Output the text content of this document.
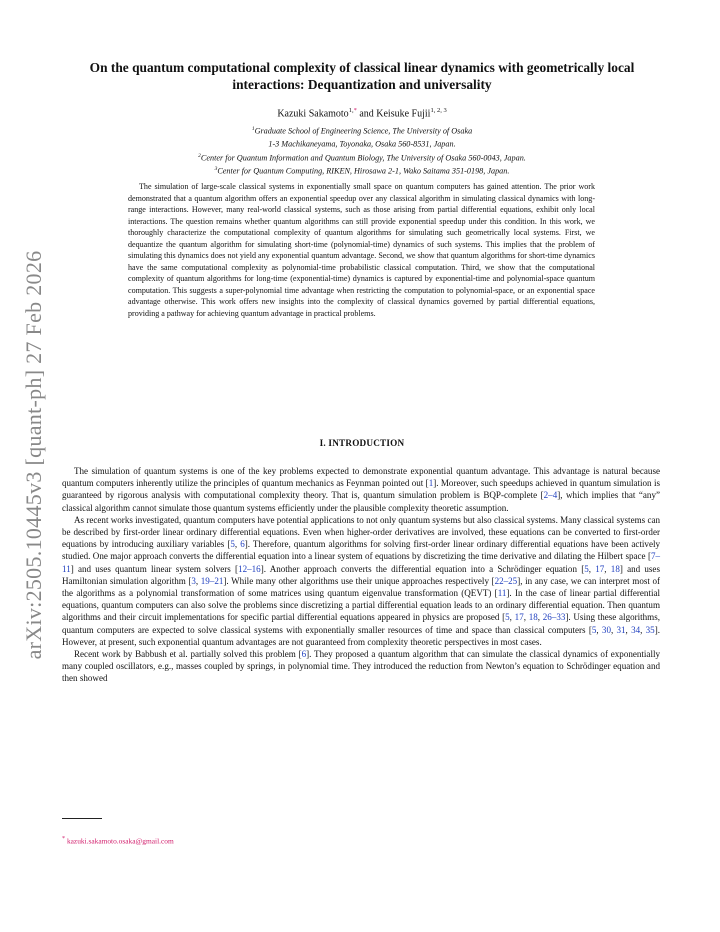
arXiv:2505.10445v3 [quant-ph] 27 Feb 2026
On the quantum computational complexity of classical linear dynamics with geometrically local interactions: Dequantization and universality
Kazuki Sakamoto$^{1,*}$ and Keisuke Fujii$^{1, 2, 3}$
$^1$Graduate School of Engineering Science, The University of Osaka
1-3 Machikaneyama, Toyonaka, Osaka 560-8531, Japan.
$^2$Center for Quantum Information and Quantum Biology, The University of Osaka 560-0043, Japan.
$^3$Center for Quantum Computing, RIKEN, Hirosawa 2-1, Wako Saitama 351-0198, Japan.
The simulation of large-scale classical systems in exponentially small space on quantum computers has gained attention. The prior work demonstrated that a quantum algorithm offers an exponential speedup over any classical algorithm in simulating classical dynamics with long-range interactions. However, many real-world classical systems, such as those arising from partial differential equations, exhibit only local interactions. The question remains whether quantum algorithms can still provide exponential speedup under this condition. In this work, we thoroughly characterize the computational complexity of quantum algorithms for simulating such geometrically local systems. First, we dequantize the quantum algorithm for simulating short-time (polynomial-time) dynamics of such systems. This implies that the problem of simulating this dynamics does not yield any exponential quantum advantage. Second, we show that quantum algorithms for short-time dynamics have the same computational complexity as polynomial-time probabilistic classical computation. Third, we show that the computational complexity of quantum algorithms for long-time (exponential-time) dynamics is captured by exponential-time and polynomial-space quantum computation. This suggests a super-polynomial time advantage when restricting the computation to polynomial-space, or an exponential space advantage otherwise. This work offers new insights into the complexity of classical dynamics governed by partial differential equations, providing a pathway for achieving quantum advantage in practical problems.
I. INTRODUCTION

The simulation of quantum systems is one of the key problems expected to demonstrate exponential quantum advantage. This advantage is natural because quantum computers inherently utilize the principles of quantum mechanics as Feynman pointed out [1]. Moreover, such speedups achieved in quantum simulation is guaranteed by rigorous analysis with computational complexity theory. That is, quantum simulation problem is BQP-complete [2–4], which implies that “any” classical algorithm cannot simulate those quantum systems efficiently under the plausible complexity theoretic assumption.

As recent works investigated, quantum computers have potential applications to not only quantum systems but also classical systems. Many classical systems can be described by first-order linear ordinary differential equations. Even when higher-order derivatives are involved, these equations can be converted to first-order equations by introducing auxiliary variables [5, 6]. Therefore, quantum algorithms for solving first-order linear ordinary differential equations have been actively studied. One major approach converts the differential equation into a linear system of equations by discretizing the time derivative and dilating the Hilbert space [7–11] and uses quantum linear system solvers [12–16]. Another approach converts the differential equation into a Schrödinger equation [5, 17, 18] and uses Hamiltonian simulation algorithm [3, 19–21]. While many other algorithms use their unique approaches respectively [22–25], in any case, we can interpret most of the algorithms as a polynomial transformation of some matrices using quantum eigenvalue transformation (QEVT) [11]. In the case of linear partial differential equations, quantum computers can also solve the problems since discretizing a partial differential equation leads to an ordinary differential equation. Then quantum algorithms and their circuit implementations for specific partial differential equations appeared in physics are proposed [5, 17, 18, 26–33]. Using these algorithms, quantum computers are expected to solve classical systems with exponentially smaller resources of time and space than classical computers [5, 30, 31, 34, 35]. However, at present, such exponential quantum advantages are not guaranteed from complexity theoretic perspectives in most cases.

Recent work by Babbush et al. partially solved this problem [6]. They proposed a quantum algorithm that can simulate the classical dynamics of exponentially many coupled oscillators, e.g., masses coupled by springs, in polynomial time. They introduced the reduction from Newton’s equation to Schrödinger equation and then showed

* kazuki.sakamoto.osaka@gmail.com
